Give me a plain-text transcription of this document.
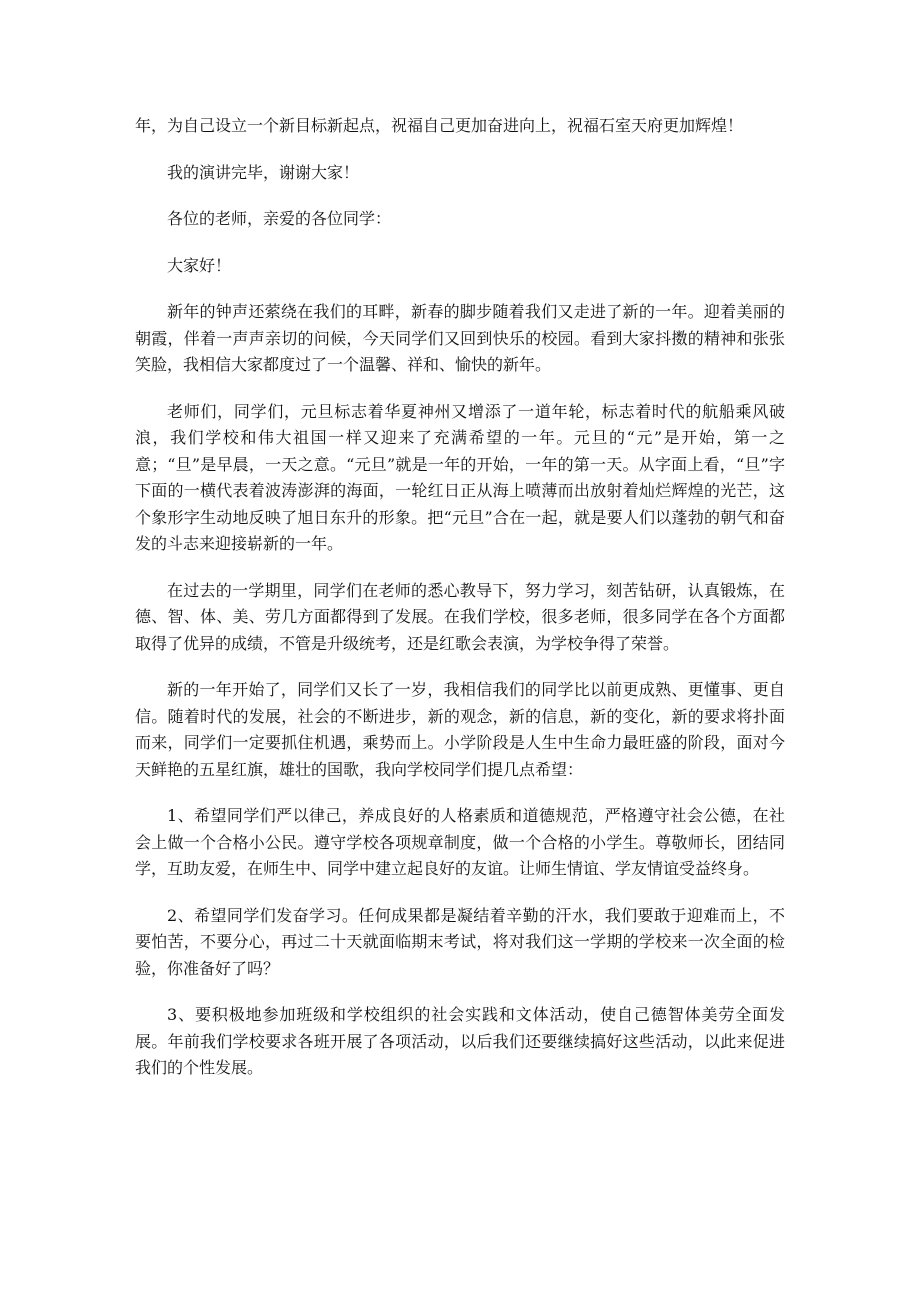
年，为自己设立一个新目标新起点，祝福自己更加奋进向上，祝福石室天府更加辉煌！

我的演讲完毕，谢谢大家！

各位的老师，亲爱的各位同学：

大家好！

新年的钟声还萦绕在我们的耳畔，新春的脚步随着我们又走进了新的一年。迎着美丽的朝霞，伴着一声声亲切的问候，今天同学们又回到快乐的校园。看到大家抖擞的精神和张张笑脸，我相信大家都度过了一个温馨、祥和、愉快的新年。

老师们，同学们，元旦标志着华夏神州又增添了一道年轮，标志着时代的航船乘风破浪，我们学校和伟大祖国一样又迎来了充满希望的一年。元旦的“元”是开始，第一之意；“旦”是早晨，一天之意。“元旦”就是一年的开始，一年的第一天。从字面上看，“旦”字下面的一横代表着波涛澎湃的海面，一轮红日正从海上喷薄而出放射着灿烂辉煌的光芒，这个象形字生动地反映了旭日东升的形象。把“元旦”合在一起，就是要人们以蓬勃的朝气和奋发的斗志来迎接崭新的一年。

在过去的一学期里，同学们在老师的悉心教导下，努力学习，刻苦钻研，认真锻炼，在德、智、体、美、劳几方面都得到了发展。在我们学校，很多老师，很多同学在各个方面都取得了优异的成绩，不管是升级统考，还是红歌会表演，为学校争得了荣誉。

新的一年开始了，同学们又长了一岁，我相信我们的同学比以前更成熟、更懂事、更自信。随着时代的发展，社会的不断进步，新的观念，新的信息，新的变化，新的要求将扑面而来，同学们一定要抓住机遇，乘势而上。小学阶段是人生中生命力最旺盛的阶段，面对今天鲜艳的五星红旗，雄壮的国歌，我向学校同学们提几点希望：

1、希望同学们严以律己，养成良好的人格素质和道德规范，严格遵守社会公德，在社会上做一个合格小公民。遵守学校各项规章制度，做一个合格的小学生。尊敬师长，团结同学，互助友爱，在师生中、同学中建立起良好的友谊。让师生情谊、学友情谊受益终身。

2、希望同学们发奋学习。任何成果都是凝结着辛勤的汗水，我们要敢于迎难而上，不要怕苦，不要分心，再过二十天就面临期末考试，将对我们这一学期的学校来一次全面的检验，你准备好了吗？

3、要积极地参加班级和学校组织的社会实践和文体活动，使自己德智体美劳全面发展。年前我们学校要求各班开展了各项活动，以后我们还要继续搞好这些活动，以此来促进我们的个性发展。
